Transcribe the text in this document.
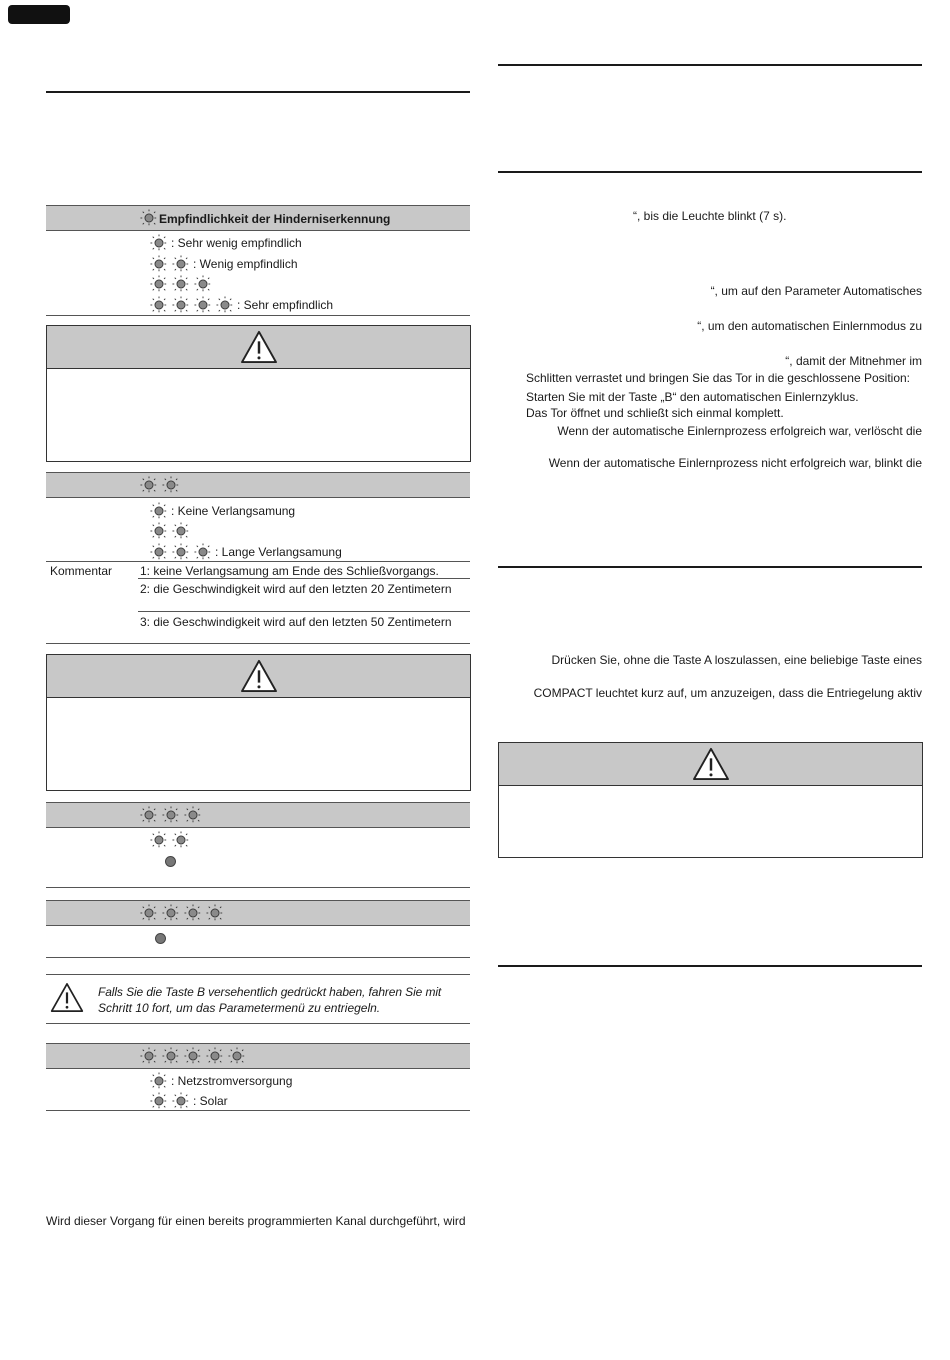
Empfindlichkeit der Hinderniserkennung
: Sehr wenig empfindlich
: Wenig empfindlich
: Sehr empfindlich
: Keine Verlangsamung
: Lange Verlangsamung
Kommentar 1: keine Verlangsamung am Ende des Schließvorgangs.
2: die Geschwindigkeit wird auf den letzten 20 Zentimetern
3: die Geschwindigkeit wird auf den letzten 50 Zentimetern
Falls Sie die Taste B versehentlich gedrückt haben, fahren Sie mit
Schritt 10 fort, um das Parametermenü zu entriegeln.
: Netzstromversorgung
: Solar
Wird dieser Vorgang für einen bereits programmierten Kanal durchgeführt, wird
“, bis die Leuchte blinkt (7 s).
“, um auf den Parameter Automatisches
“, um den automatischen Einlernmodus zu
“, damit der Mitnehmer im
Schlitten verrastet und bringen Sie das Tor in die geschlossene Position:
Starten Sie mit der Taste „B“ den automatischen Einlernzyklus.
Das Tor öffnet und schließt sich einmal komplett.
Wenn der automatische Einlernprozess erfolgreich war, verlöscht die
Wenn der automatische Einlernprozess nicht erfolgreich war, blinkt die
Drücken Sie, ohne die Taste A loszulassen, eine beliebige Taste eines
COMPACT leuchtet kurz auf, um anzuzeigen, dass die Entriegelung aktiv
